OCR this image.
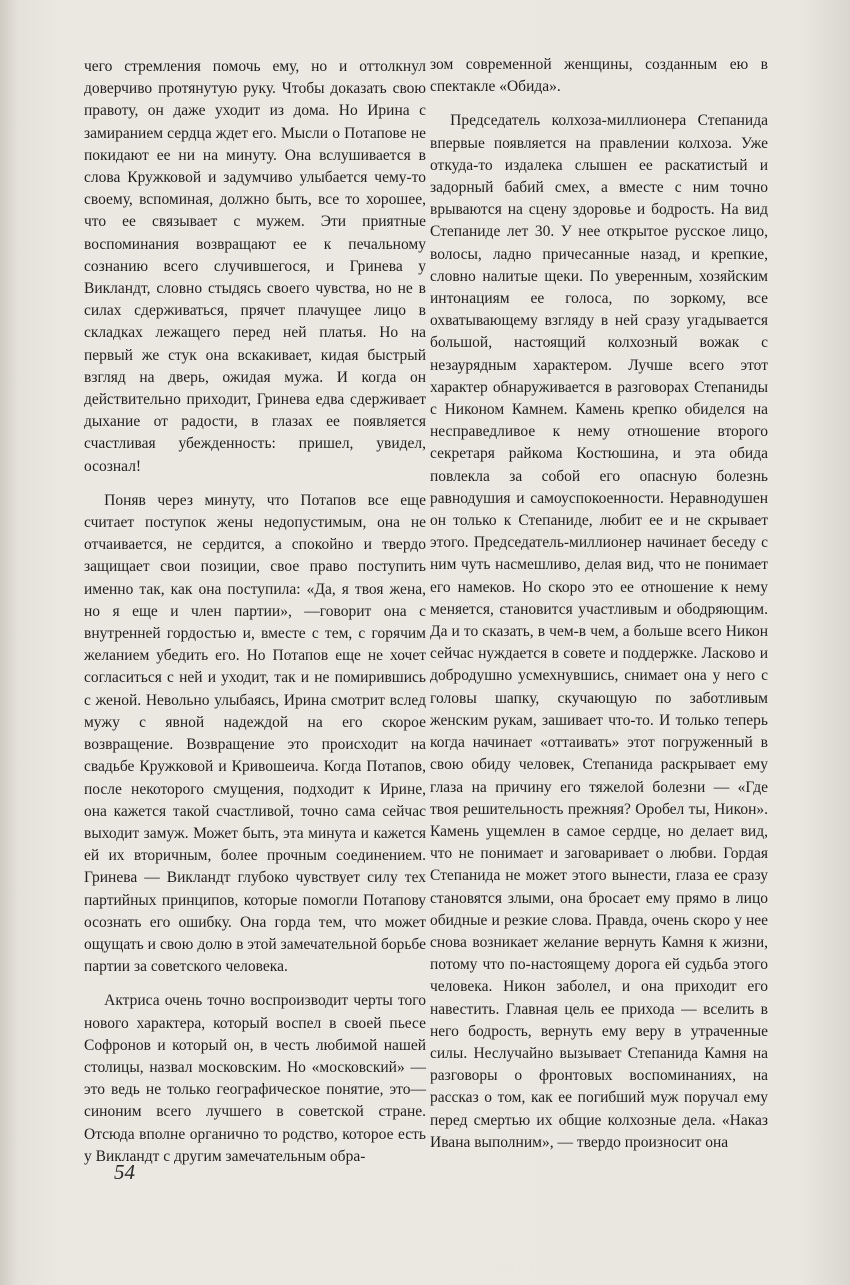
чего стремления помочь ему, но и оттолкнул доверчиво протянутую руку. Чтобы доказать свою правоту, он даже уходит из дома. Но Ирина с замиранием сердца ждет его. Мысли о Потапове не покидают ее ни на минуту. Она вслушивается в слова Кружковой и задумчиво улыбается чему-то своему, вспоминая, должно быть, все то хорошее, что ее связывает с мужем. Эти приятные воспоминания возвращают ее к печальному сознанию всего случившегося, и Гринева у Викландт, словно стыдясь своего чувства, но не в силах сдерживаться, прячет плачущее лицо в складках лежащего перед ней платья. Но на первый же стук она вскакивает, кидая быстрый взгляд на дверь, ожидая мужа. И когда он действительно приходит, Гринева едва сдерживает дыхание от радости, в глазах ее появляется счастливая убежденность: пришел, увидел, осознал!

Поняв через минуту, что Потапов все еще считает поступок жены недопустимым, она не отчаивается, не сердится, а спокойно и твердо защищает свои позиции, свое право поступить именно так, как она поступила: «Да, я твоя жена, но я еще и член партии», —говорит она с внутренней гордостью и, вместе с тем, с горячим желанием убедить его. Но Потапов еще не хочет согласиться с ней и уходит, так и не помирившись с женой. Невольно улыбаясь, Ирина смотрит вслед мужу с явной надеждой на его скорое возвращение. Возвращение это происходит на свадьбе Кружковой и Кривошеича. Когда Потапов, после некоторого смущения, подходит к Ирине, она кажется такой счастливой, точно сама сейчас выходит замуж. Может быть, эта минута и кажется ей их вторичным, более прочным соединением. Гринева — Викландт глубоко чувствует силу тех партийных принципов, которые помогли Потапову осознать его ошибку. Она горда тем, что может ощущать и свою долю в этой замечательной борьбе партии за советского человека.

Актриса очень точно воспроизводит черты того нового характера, который воспел в своей пьесе Софронов и который он, в честь любимой нашей столицы, назвал московским. Но «московский» — это ведь не только географическое понятие, это—синоним всего лучшего в советской стране. Отсюда вполне органично то родство, которое есть у Викландт с другим замечательным обра-

зом современной женщины, созданным ею в спектакле «Обида».

Председатель колхоза-миллионера Степанида впервые появляется на правлении колхоза. Уже откуда-то издалека слышен ее раскатистый и задорный бабий смех, а вместе с ним точно врываются на сцену здоровье и бодрость. На вид Степаниде лет 30. У нее открытое русское лицо, волосы, ладно причесанные назад, и крепкие, словно налитые щеки. По уверенным, хозяйским интонациям ее голоса, по зоркому, все охватывающему взгляду в ней сразу угадывается большой, настоящий колхозный вожак с незаурядным характером. Лучше всего этот характер обнаруживается в разговорах Степаниды с Никоном Камнем. Камень крепко обиделся на несправедливое к нему отношение второго секретаря райкома Костюшина, и эта обида повлекла за собой его опасную болезнь равнодушия и самоуспокоенности. Неравнодушен он только к Степаниде, любит ее и не скрывает этого. Председатель-миллионер начинает беседу с ним чуть насмешливо, делая вид, что не понимает его намеков. Но скоро это ее отношение к нему меняется, становится участливым и ободряющим. Да и то сказать, в чем-в чем, а больше всего Никон сейчас нуждается в совете и поддержке. Ласково и добродушно усмехнувшись, снимает она у него с головы шапку, скучающую по заботливым женским рукам, зашивает что-то. И только теперь когда начинает «оттаивать» этот погруженный в свою обиду человек, Степанида раскрывает ему глаза на причину его тяжелой болезни — «Где твоя решительность прежняя? Оробел ты, Никон». Камень ущемлен в самое сердце, но делает вид, что не понимает и заговаривает о любви. Гордая Степанида не может этого вынести, глаза ее сразу становятся злыми, она бросает ему прямо в лицо обидные и резкие слова. Правда, очень скоро у нее снова возникает желание вернуть Камня к жизни, потому что по-настоящему дорога ей судьба этого человека. Никон заболел, и она приходит его навестить. Главная цель ее прихода — вселить в него бодрость, вернуть ему веру в утраченные силы. Неслучайно вызывает Степанида Камня на разговоры о фронтовых воспоминаниях, на рассказ о том, как ее погибший муж поручал ему перед смертью их общие колхозные дела. «Наказ Ивана выполним», — твердо произносит она

54
